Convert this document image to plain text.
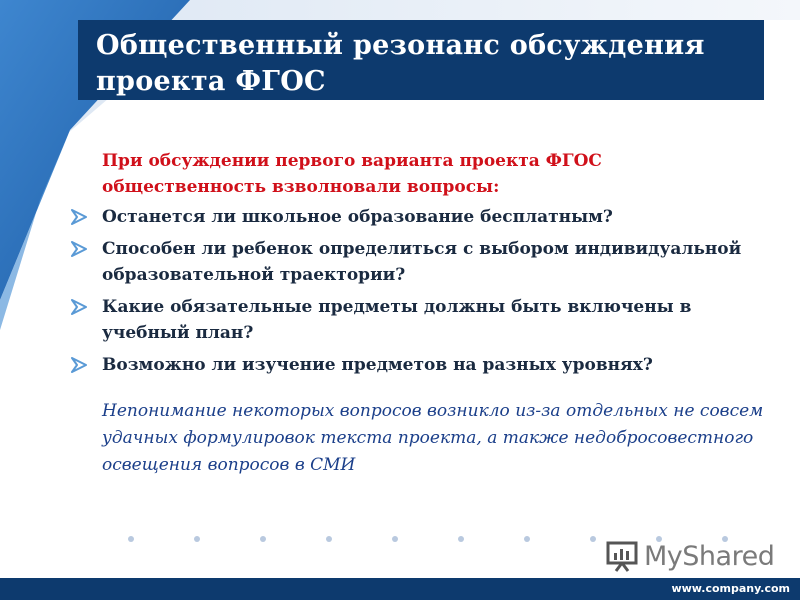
Общественный резонанс обсуждения проекта ФГОС

При обсуждении первого варианта проекта ФГОС общественность взволновали вопросы:

Останется ли школьное образование бесплатным?
Способен ли ребенок определиться с выбором индивидуальной образовательной траектории?
Какие обязательные предметы должны быть включены в учебный план?
Возможно ли изучение предметов на разных уровнях?

Непонимание некоторых вопросов возникло из-за отдельных не совсем удачных формулировок текста проекта, а также недобросовестного освещения вопросов в СМИ

MyShared
www.company.com
